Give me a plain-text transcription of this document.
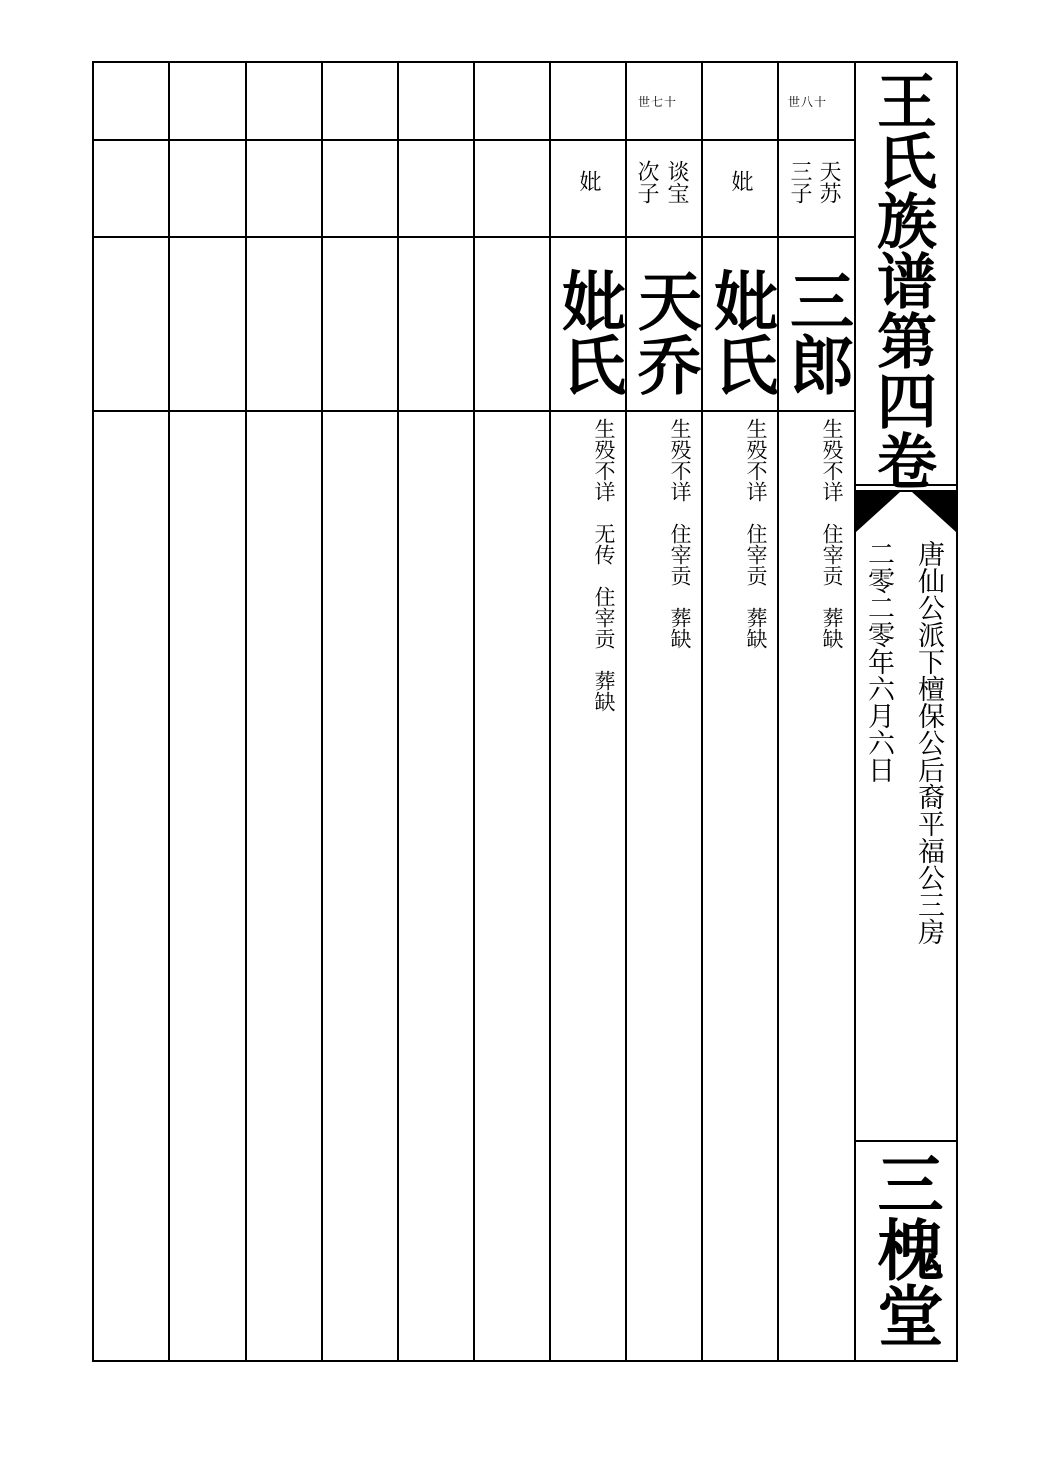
王氏族谱第四卷
唐仙公派下檀保公后裔平福公三房
二零二零年六月六日
三槐堂
世八十
天苏
三子
三郎
生殁不详　住宰贡　葬缺
妣
妣氏
生殁不详　住宰贡　葬缺
世七十
谈宝
次子
天乔
生殁不详　住宰贡　葬缺
妣
妣氏
生殁不详　无传　住宰贡　葬缺
